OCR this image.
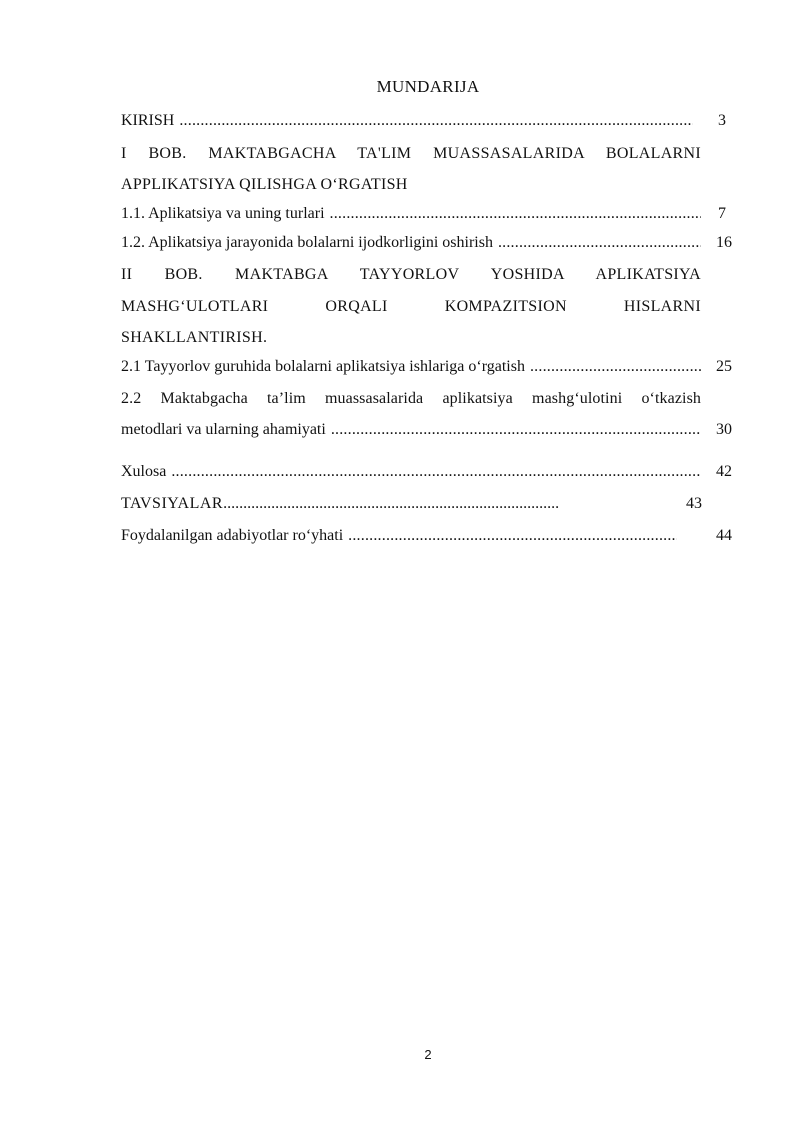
MUNDARIJA
KIRISH .....	3
I BOB. MAKTABGACHA TA'LIM MUASSASALARIDA BOLALARNI
APPLIKATSIYA QILISHGA O‘RGATISH
1.1. Aplikatsiya va uning turlari .....	7
1.2. Aplikatsiya jarayonida bolalarni ijodkorligini oshirish .....	16
II BOB. MAKTABGA TAYYORLOV YOSHIDA APLIKATSIYA
MASHG‘ULOTLARI ORQALI KOMPAZITSION HISLARNI
SHAKLLANTIRISH.
2.1 Tayyorlov guruhida bolalarni aplikatsiya ishlariga o‘rgatish .....	25
2.2 Maktabgacha ta’lim muassasalarida aplikatsiya mashg‘ulotini o‘tkazish
metodlari va ularning ahamiyati .....	30
Xulosa .....	42
TAVSIYALAR....................................................................................	43
Foydalanilgan adabiyotlar ro‘yhati .....	44
2
